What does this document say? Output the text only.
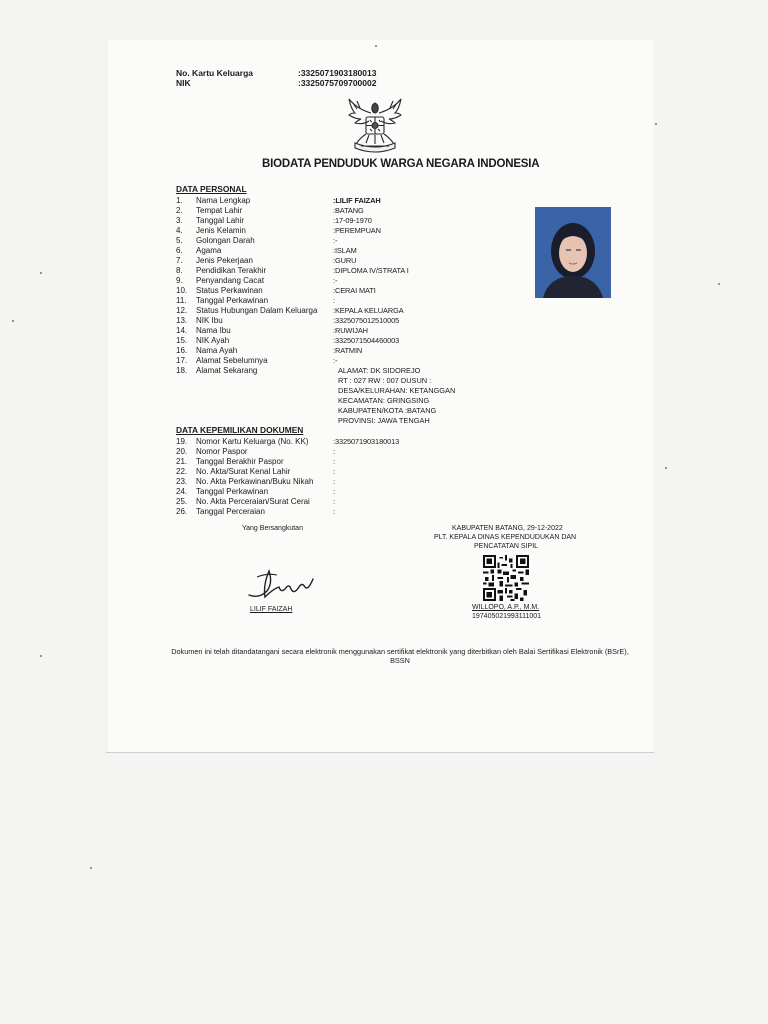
No. Kartu Keluarga	:3325071903180013
NIK	:3325075709700002
BIODATA PENDUDUK WARGA NEGARA INDONESIA
DATA PERSONAL
1.	Nama Lengkap	:LILIF FAIZAH
2.	Tempat Lahir	:BATANG
3.	Tanggal Lahir	:17-09-1970
4.	Jenis Kelamin	:PEREMPUAN
5.	Golongan Darah	:-
6.	Agama	:ISLAM
7.	Jenis Pekerjaan	:GURU
8.	Pendidikan Terakhir	:DIPLOMA IV/STRATA I
9.	Penyandang Cacat	:-
10.	Status Perkawinan	:CERAI MATI
11.	Tanggal Perkawinan	:
12.	Status Hubungan Dalam Keluarga :KEPALA KELUARGA
13.	NIK Ibu	:3325075012510005
14.	Nama Ibu	:RUWIJAH
15.	NIK Ayah	:3325071504460003
16.	Nama Ayah	:RATMIN
17.	Alamat Sebelumnya	:-
18.	Alamat Sekarang	ALAMAT: DK SIDOREJO
RT : 027 RW : 007 DUSUN :
DESA/KELURAHAN: KETANGGAN
KECAMATAN: GRINGSING
KABUPATEN/KOTA :BATANG
PROVINSI: JAWA TENGAH
DATA KEPEMILIKAN DOKUMEN
19.	Nomor Kartu Keluarga (No. KK)	:3325071903180013
20.	Nomor Paspor	:
21.	Tanggal Berakhir Paspor	:
22.	No. Akta/Surat Kenal Lahir	:
23.	No. Akta Perkawinan/Buku Nikah	:
24.	Tanggal Perkawinan	:
25.	No. Akta Perceraian/Surat Cerai	:
26.	Tanggal Perceraian	:
Yang Bersangkutan
LILIF FAIZAH
KABUPATEN BATANG, 29-12-2022
PLT. KEPALA DINAS KEPENDUDUKAN DAN
PENCATATAN SIPIL
WILLOPO, A.P., M.M.
197405021993111001
Dokumen ini telah ditandatangani secara elektronik menggunakan sertifikat elektronik yang diterbitkan oleh Balai Sertifikasi Elektronik (BSrE), BSSN
